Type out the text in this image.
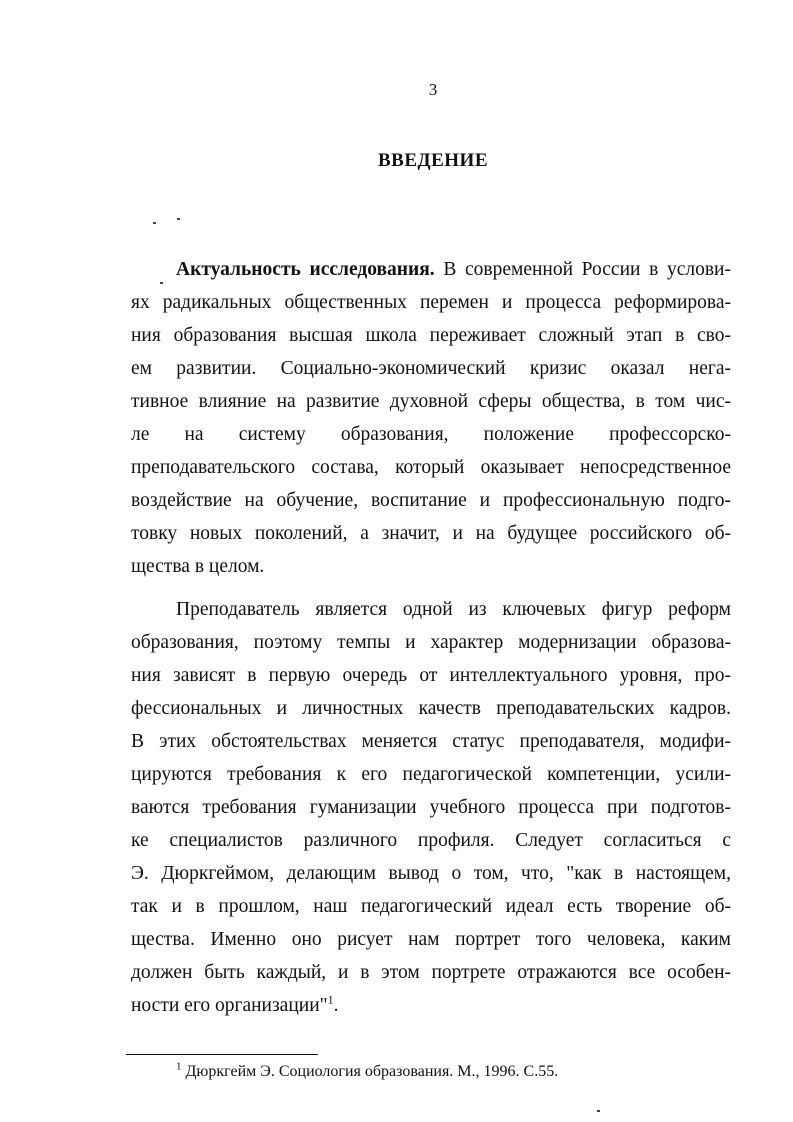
3
ВВЕДЕНИЕ
Актуальность исследования. В современной России в услови-
ях радикальных общественных перемен и процесса реформирова-
ния образования высшая школа переживает сложный этап в сво-
ем развитии. Социально-экономический кризис оказал нега-
тивное влияние на развитие духовной сферы общества, в том чис-
ле на систему образования, положение профессорско-
преподавательского состава, который оказывает непосредственное
воздействие на обучение, воспитание и профессиональную подго-
товку новых поколений, а значит, и на будущее российского об-
щества в целом.
Преподаватель является одной из ключевых фигур реформ
образования, поэтому темпы и характер модернизации образова-
ния зависят в первую очередь от интеллектуального уровня, про-
фессиональных и личностных качеств преподавательских кадров.
В этих обстоятельствах меняется статус преподавателя, модифи-
цируются требования к его педагогической компетенции, усили-
ваются требования гуманизации учебного процесса при подготов-
ке специалистов различного профиля. Следует согласиться с
Э. Дюркгеймом, делающим вывод о том, что, "как в настоящем,
так и в прошлом, наш педагогический идеал есть творение об-
щества. Именно оно рисует нам портрет того человека, каким
должен быть каждый, и в этом портрете отражаются все особен-
ности его организации"$^1$.
$^1$ Дюркгейм Э. Социология образования. М., 1996. С.55.
